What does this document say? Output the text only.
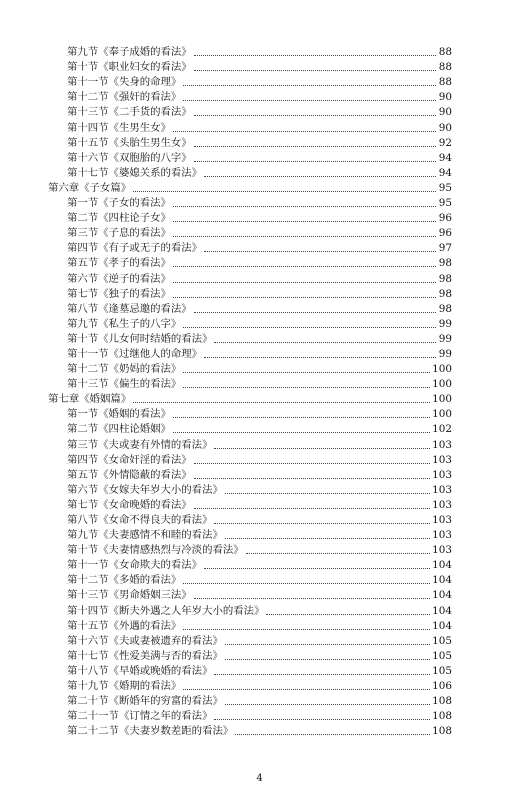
第九节《奉子成婚的看法》	88
第十节《职业妇女的看法》	88
第十一节《失身的命理》	88
第十二节《强奸的看法》	90
第十三节《二手货的看法》	90
第十四节《生男生女》	90
第十五节《头胎生男生女》	92
第十六节《双胞胎的八字》	94
第十七节《婆媳关系的看法》	94
第六章《子女篇》	95
第一节《子女的看法》	95
第二节《四柱论子女》	96
第三节《子息的看法》	96
第四节《有子或无子的看法》	97
第五节《孝子的看法》	98
第六节《逆子的看法》	98
第七节《独子的看法》	98
第八节《逢墓忌邀的看法》	98
第九节《私生子的八字》	99
第十节《儿女何时结婚的看法》	99
第十一节《过继他人的命理》	99
第十二节《奶妈的看法》	100
第十三节《偏生的看法》	100
第七章《婚姻篇》	100
第一节《婚姻的看法》	100
第二节《四柱论婚姻》	102
第三节《夫或妻有外情的看法》	103
第四节《女命奸淫的看法》	103
第五节《外情隐蔽的看法》	103
第六节《女嫁夫年岁大小的看法》	103
第七节《女命晚婚的看法》	103
第八节《女命不得良夫的看法》	103
第九节《夫妻感情不和睦的看法》	103
第十节《夫妻情感热烈与冷淡的看法》	103
第十一节《女命欺夫的看法》	104
第十二节《多婚的看法》	104
第十三节《男命婚姻三法》	104
第十四节《断夫外遇之人年岁大小的看法》	104
第十五节《外遇的看法》	104
第十六节《夫或妻被遗弃的看法》	105
第十七节《性爱美满与否的看法》	105
第十八节《早婚或晚婚的看法》	105
第十九节《婚期的看法》	106
第二十节《断婚年的穷富的看法》	108
第二十一节《订情之年的看法》	108
第二十二节《夫妻岁数差距的看法》	108
4
